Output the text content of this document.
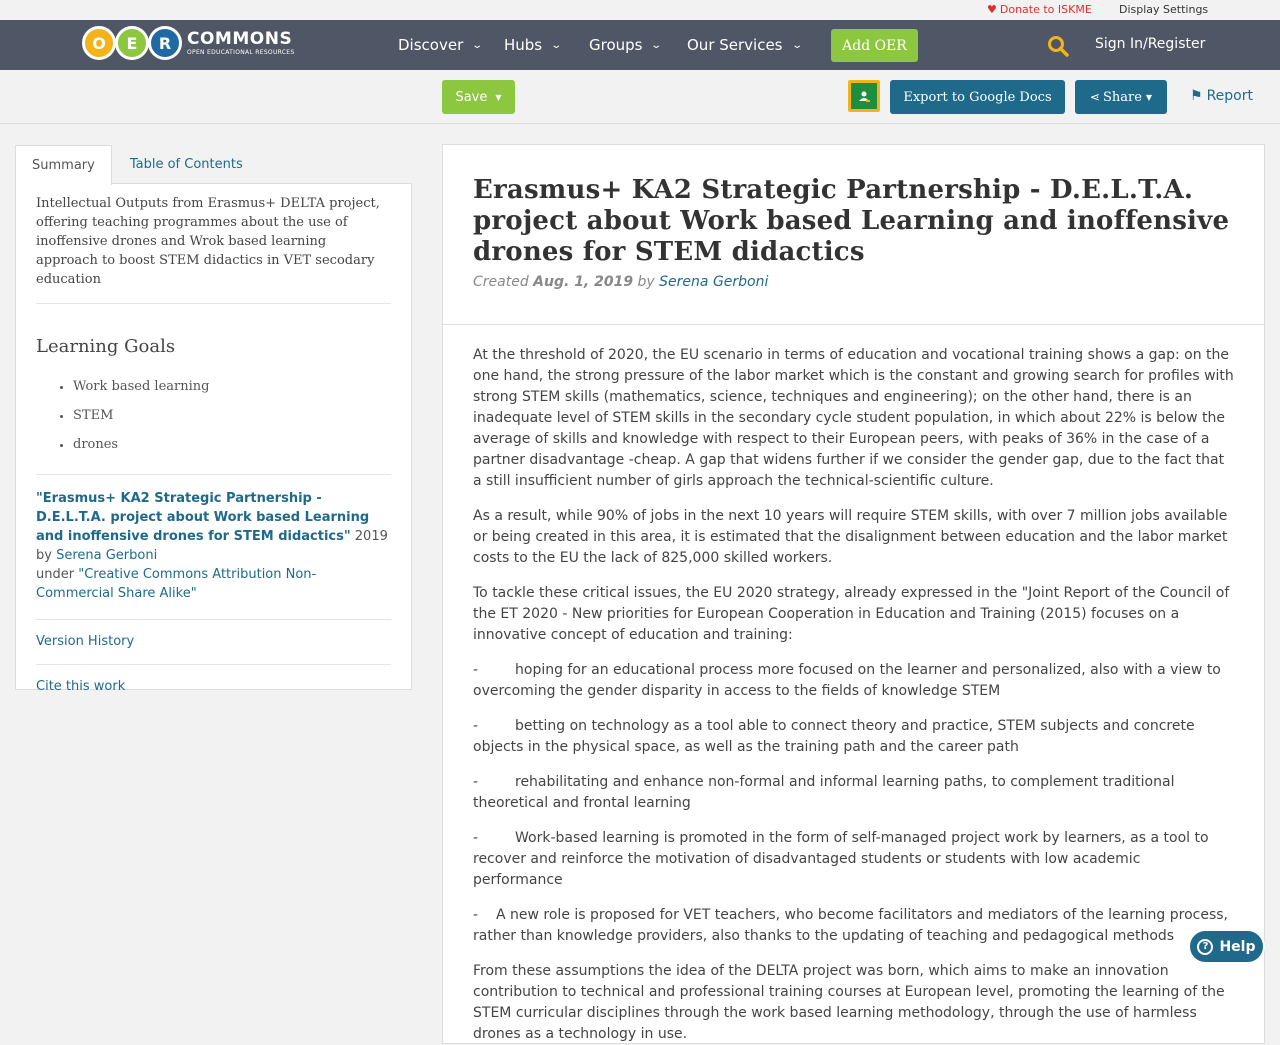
♥ Donate to ISKME Display Settings
O	E	R COMMONS
OPEN EDUCATIONAL RESOURCES	Discover ⌄ Hubs ⌄ Groups ⌄ Our Services ⌄	Add OER	Sign In/Register
Save ▼	Export to Google Docs	⋖ Share ▼	⚑ Report
Summary	Table of Contents
Intellectual Outputs from Erasmus+ DELTA project, offering teaching programmes about the use of inoffensive drones and Wrok based learning approach to boost STEM didactics in VET secodary education
Learning Goals
• Work based learning
• STEM
• drones
"Erasmus+ KA2 Strategic Partnership - D.E.L.T.A. project about Work based Learning and inoffensive drones for STEM didactics" 2019 by Serena Gerboni
under "Creative Commons Attribution Non-Commercial Share Alike"
Version History
Cite this work
Erasmus+ KA2 Strategic Partnership - D.E.L.T.A. project about Work based Learning and inoffensive drones for STEM didactics
Created Aug. 1, 2019 by Serena Gerboni

At the threshold of 2020, the EU scenario in terms of education and vocational training shows a gap: on the one hand, the strong pressure of the labor market which is the constant and growing search for profiles with strong STEM skills (mathematics, science, techniques and engineering); on the other hand, there is an inadequate level of STEM skills in the secondary cycle student population, in which about 22% is below the average of skills and knowledge with respect to their European peers, with peaks of 36% in the case of a partner disadvantage -cheap. A gap that widens further if we consider the gender gap, due to the fact that a still insufficient number of girls approach the technical-scientific culture.

As a result, while 90% of jobs in the next 10 years will require STEM skills, with over 7 million jobs available or being created in this area, it is estimated that the disalignment between education and the labor market costs to the EU the lack of 825,000 skilled workers.

To tackle these critical issues, the EU 2020 strategy, already expressed in the "Joint Report of the Council of the ET 2020 - New priorities for European Cooperation in Education and Training (2015) focuses on a innovative concept of education and training:

-	hoping for an educational process more focused on the learner and personalized, also with a view to overcoming the gender disparity in access to the fields of knowledge STEM

-	betting on technology as a tool able to connect theory and practice, STEM subjects and concrete objects in the physical space, as well as the training path and the career path

-	rehabilitating and enhance non-formal and informal learning paths, to complement traditional theoretical and frontal learning

-	Work-based learning is promoted in the form of self-managed project work by learners, as a tool to recover and reinforce the motivation of disadvantaged students or students with low academic performance

- A new role is proposed for VET teachers, who become facilitators and mediators of the learning process, rather than knowledge providers, also thanks to the updating of teaching and pedagogical methods

From these assumptions the idea of the DELTA project was born, which aims to make an innovation contribution to technical and professional training courses at European level, promoting the learning of the STEM curricular disciplines through the work based learning methodology, through the use of harmless drones as a technology in use.

? Help
